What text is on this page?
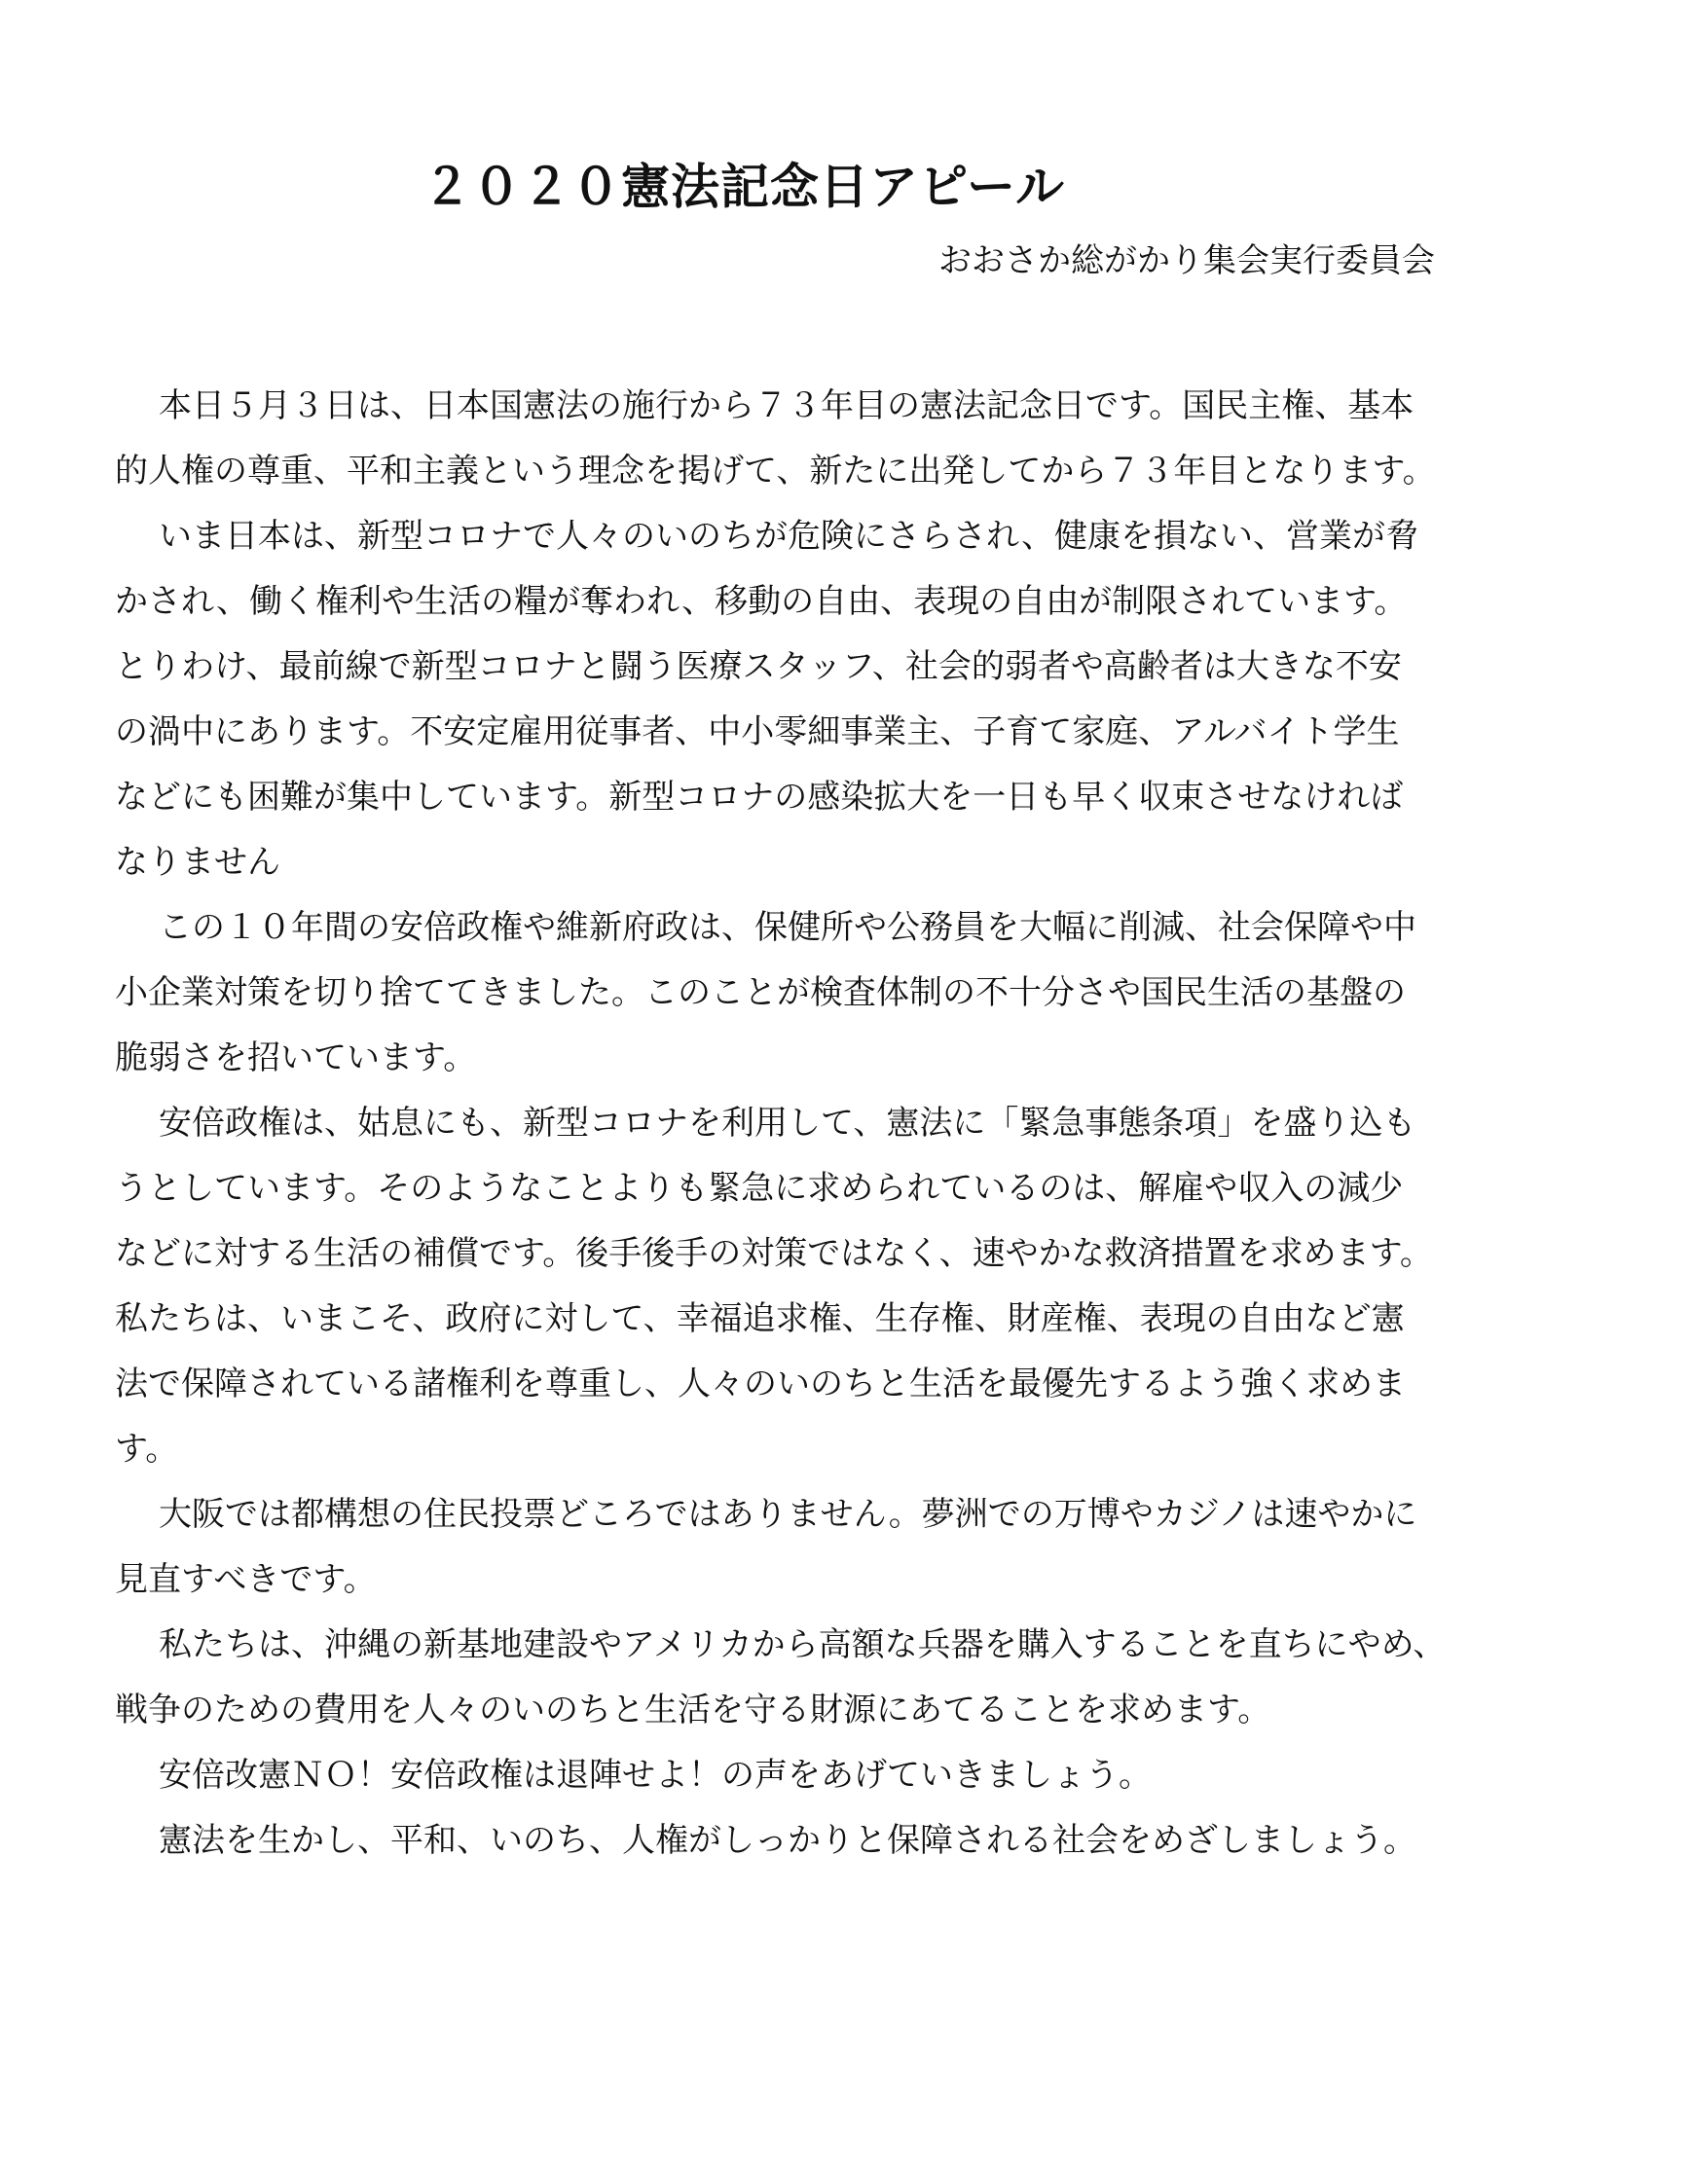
２０２０憲法記念日アピール
おおさか総がかり集会実行委員会
本日５月３日は、日本国憲法の施行から７３年目の憲法記念日です。国民主権、基本
的人権の尊重、平和主義という理念を掲げて、新たに出発してから７３年目となります。
いま日本は、新型コロナで人々のいのちが危険にさらされ、健康を損ない、営業が脅
かされ、働く権利や生活の糧が奪われ、移動の自由、表現の自由が制限されています。
とりわけ、最前線で新型コロナと闘う医療スタッフ、社会的弱者や高齢者は大きな不安
の渦中にあります。不安定雇用従事者、中小零細事業主、子育て家庭、アルバイト学生
などにも困難が集中しています。新型コロナの感染拡大を一日も早く収束させなければ
なりません
この１０年間の安倍政権や維新府政は、保健所や公務員を大幅に削減、社会保障や中
小企業対策を切り捨ててきました。このことが検査体制の不十分さや国民生活の基盤の
脆弱さを招いています。
安倍政権は、姑息にも、新型コロナを利用して、憲法に「緊急事態条項」を盛り込も
うとしています。そのようなことよりも緊急に求められているのは、解雇や収入の減少
などに対する生活の補償です。後手後手の対策ではなく、速やかな救済措置を求めます。
私たちは、いまこそ、政府に対して、幸福追求権、生存権、財産権、表現の自由など憲
法で保障されている諸権利を尊重し、人々のいのちと生活を最優先するよう強く求めま
す。
大阪では都構想の住民投票どころではありません。夢洲での万博やカジノは速やかに
見直すべきです。
私たちは、沖縄の新基地建設やアメリカから高額な兵器を購入することを直ちにやめ、
戦争のための費用を人々のいのちと生活を守る財源にあてることを求めます。
安倍改憲ＮＯ！安倍政権は退陣せよ！の声をあげていきましょう。
憲法を生かし、平和、いのち、人権がしっかりと保障される社会をめざしましょう。
